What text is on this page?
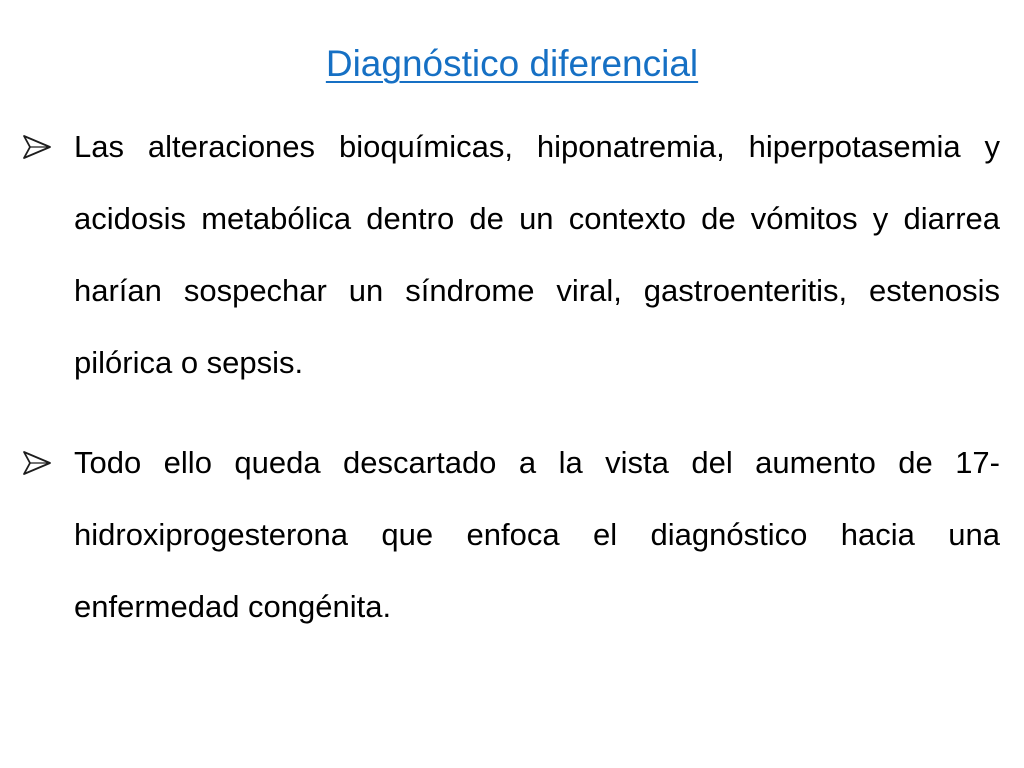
Diagnóstico diferencial
Las alteraciones bioquímicas, hiponatremia, hiperpotasemia y acidosis metabólica dentro de un contexto de vómitos y diarrea harían sospechar un síndrome viral, gastroenteritis, estenosis pilórica o sepsis.
Todo ello queda descartado a la vista del aumento de 17-hidroxiprogesterona que enfoca el diagnóstico hacia una enfermedad congénita.
